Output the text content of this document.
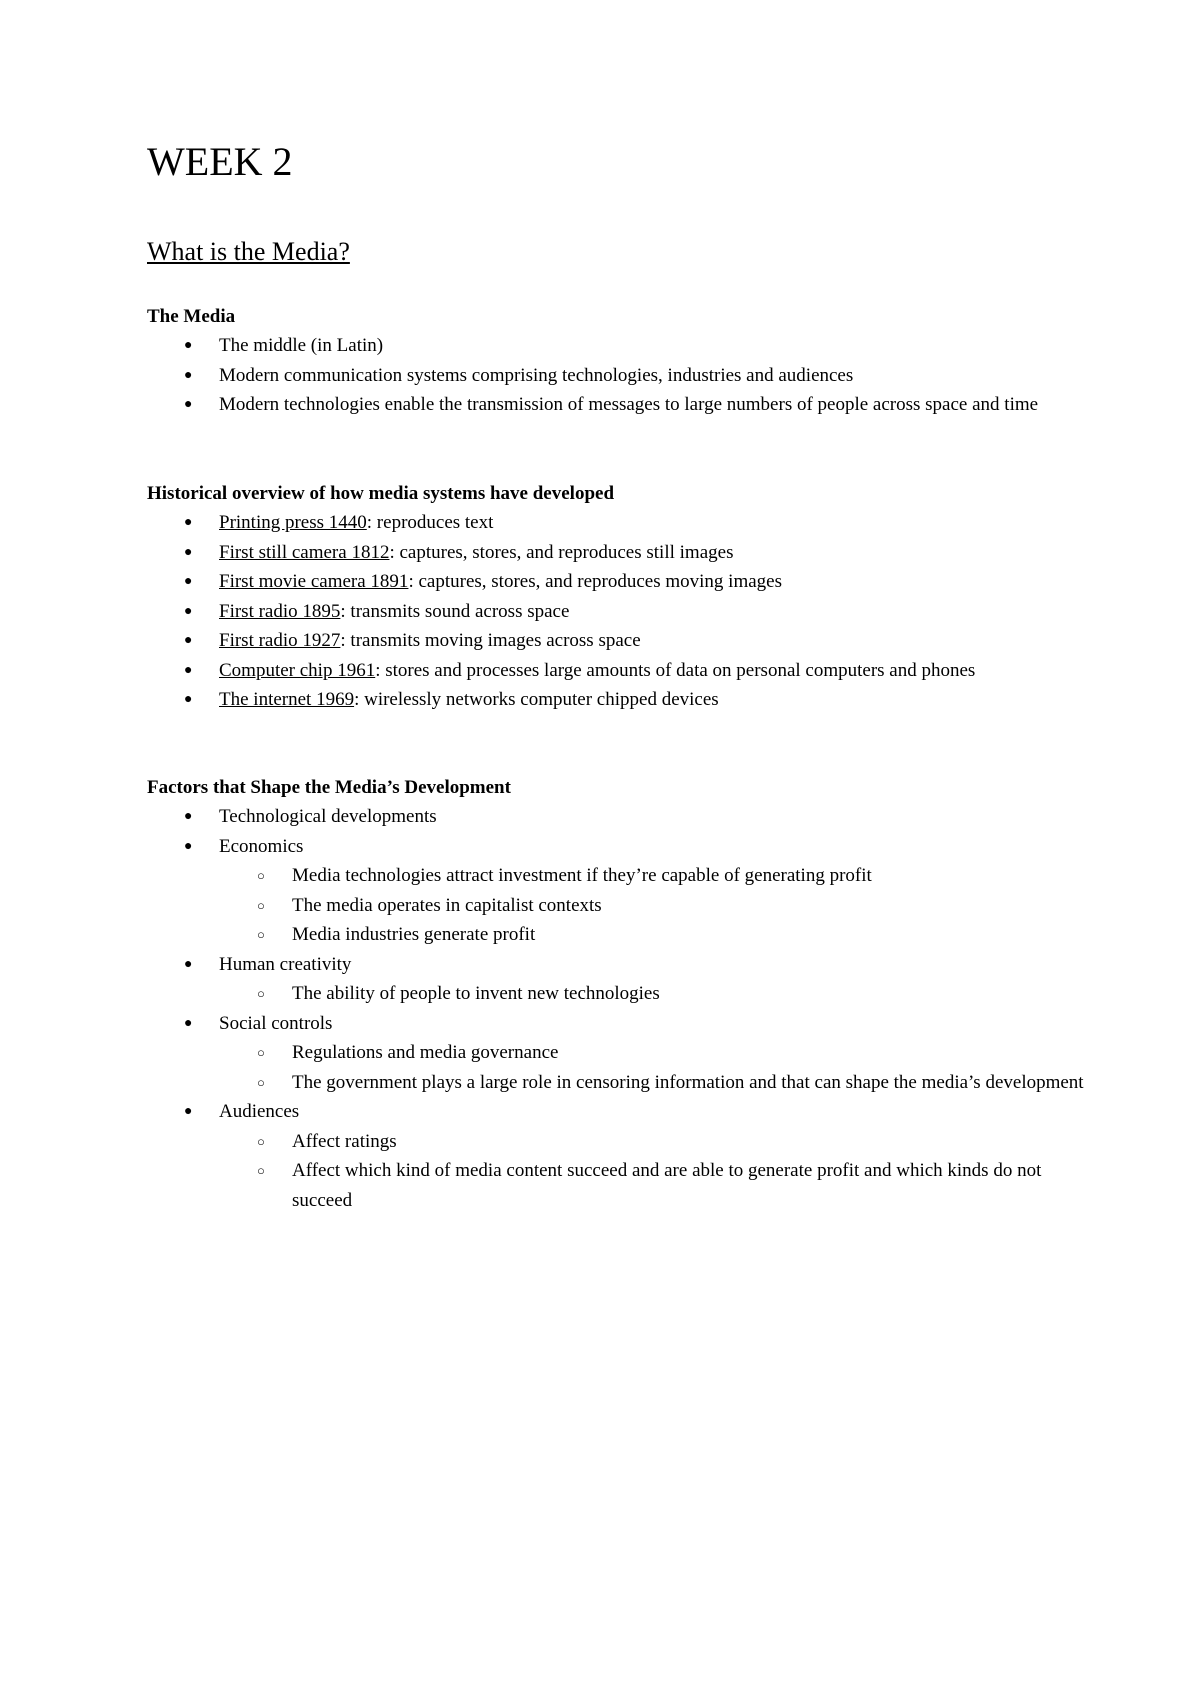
WEEK 2
What is the Media?

The Media

● The middle (in Latin)
● Modern communication systems comprising technologies, industries and audiences
● Modern technologies enable the transmission of messages to large numbers of people across space and time

Historical overview of how media systems have developed

● Printing press 1440: reproduces text
● First still camera 1812: captures, stores, and reproduces still images
● First movie camera 1891: captures, stores, and reproduces moving images
● First radio 1895: transmits sound across space
● First radio 1927: transmits moving images across space
● Computer chip 1961: stores and processes large amounts of data on personal computers and phones
● The internet 1969: wirelessly networks computer chipped devices

Factors that Shape the Media’s Development

● Technological developments
● Economics
○ Media technologies attract investment if they’re capable of generating profit
○ The media operates in capitalist contexts
○ Media industries generate profit
● Human creativity
○ The ability of people to invent new technologies
● Social controls
○ Regulations and media governance
○ The government plays a large role in censoring information and that can shape the media’s development
● Audiences
○ Affect ratings
○ Affect which kind of media content succeed and are able to generate profit and which kinds do not succeed
